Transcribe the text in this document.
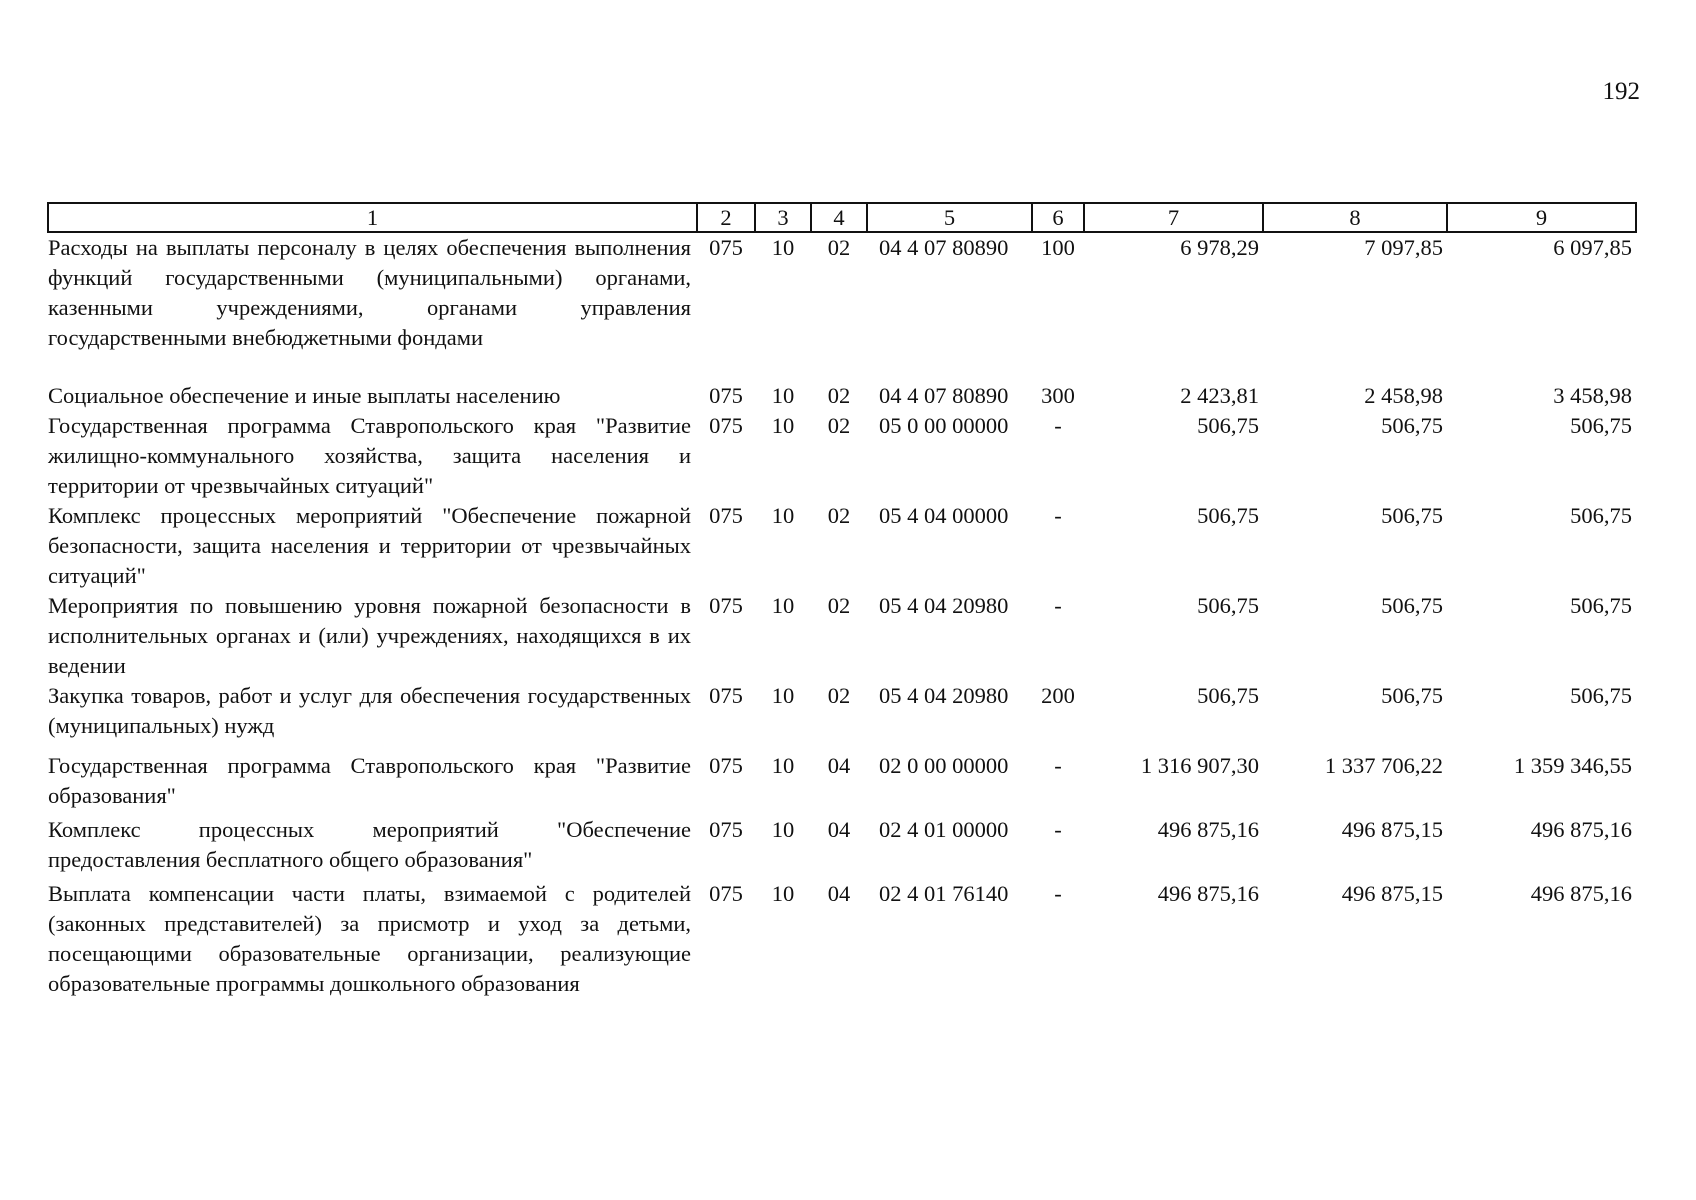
192
1	2	3	4	5	6	7	8	9
Расходы на выплаты персоналу в целях обеспечения выполнения функций государственными (муниципальными) органами, казенными учреждениями, органами управления государственными внебюджетными фондами	075	10	02	04 4 07 80890	100	6 978,29	7 097,85	6 097,85

Социальное обеспечение и иные выплаты населению	075	10	02	04 4 07 80890	300	2 423,81	2 458,98	3 458,98
Государственная программа Ставропольского края "Развитие жилищно-коммунального хозяйства, защита населения и территории от чрезвычайных ситуаций"	075	10	02	05 0 00 00000	-	506,75	506,75	506,75
Комплекс процессных мероприятий "Обеспечение пожарной безопасности, защита населения и территории от чрезвычайных ситуаций"	075	10	02	05 4 04 00000	-	506,75	506,75	506,75
Мероприятия по повышению уровня пожарной безопасности в исполнительных органах и (или) учреждениях, находящихся в их ведении	075	10	02	05 4 04 20980	-	506,75	506,75	506,75
Закупка товаров, работ и услуг для обеспечения государственных (муниципальных) нужд	075	10	02	05 4 04 20980	200	506,75	506,75	506,75
Государственная программа Ставропольского края "Развитие образования"	075	10	04	02 0 00 00000	-	1 316 907,30	1 337 706,22	1 359 346,55
Комплекс процессных мероприятий "Обеспечение предоставления бесплатного общего образования"	075	10	04	02 4 01 00000	-	496 875,16	496 875,15	496 875,16
Выплата компенсации части платы, взимаемой с родителей (законных представителей) за присмотр и уход за детьми, посещающими образовательные организации, реализующие образовательные программы дошкольного образования	075	10	04	02 4 01 76140	-	496 875,16	496 875,15	496 875,16
